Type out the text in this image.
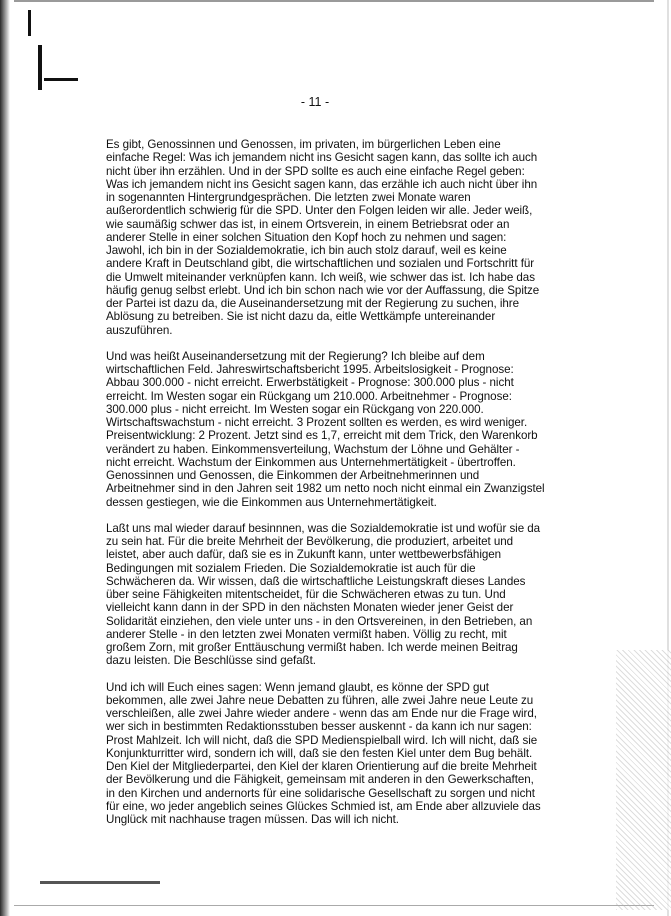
- 11 -
Es gibt, Genossinnen und Genossen, im privaten, im bürgerlichen Leben eine
einfache Regel: Was ich jemandem nicht ins Gesicht sagen kann, das sollte ich auch
nicht über ihn erzählen. Und in der SPD sollte es auch eine einfache Regel geben:
Was ich jemandem nicht ins Gesicht sagen kann, das erzähle ich auch nicht über ihn
in sogenannten Hintergrundgesprächen. Die letzten zwei Monate waren
außerordentlich schwierig für die SPD. Unter den Folgen leiden wir alle. Jeder weiß,
wie saumäßig schwer das ist, in einem Ortsverein, in einem Betriebsrat oder an
anderer Stelle in einer solchen Situation den Kopf hoch zu nehmen und sagen:
Jawohl, ich bin in der Sozialdemokratie, ich bin auch stolz darauf, weil es keine
andere Kraft in Deutschland gibt, die wirtschaftlichen und sozialen und Fortschritt für
die Umwelt miteinander verknüpfen kann. Ich weiß, wie schwer das ist. Ich habe das
häufig genug selbst erlebt. Und ich bin schon nach wie vor der Auffassung, die Spitze
der Partei ist dazu da, die Auseinandersetzung mit der Regierung zu suchen, ihre
Ablösung zu betreiben. Sie ist nicht dazu da, eitle Wettkämpfe untereinander
auszuführen.
Und was heißt Auseinandersetzung mit der Regierung? Ich bleibe auf dem
wirtschaftlichen Feld. Jahreswirtschaftsbericht 1995. Arbeitslosigkeit - Prognose:
Abbau 300.000 - nicht erreicht. Erwerbstätigkeit - Prognose: 300.000 plus - nicht
erreicht. Im Westen sogar ein Rückgang um 210.000. Arbeitnehmer - Prognose:
300.000 plus - nicht erreicht. Im Westen sogar ein Rückgang von 220.000.
Wirtschaftswachstum - nicht erreicht. 3 Prozent sollten es werden, es wird weniger.
Preisentwicklung: 2 Prozent. Jetzt sind es 1,7, erreicht mit dem Trick, den Warenkorb
verändert zu haben. Einkommensverteilung, Wachstum der Löhne und Gehälter -
nicht erreicht. Wachstum der Einkommen aus Unternehmertätigkeit - übertroffen.
Genossinnen und Genossen, die Einkommen der Arbeitnehmerinnen und
Arbeitnehmer sind in den Jahren seit 1982 um netto noch nicht einmal ein Zwanzigstel
dessen gestiegen, wie die Einkommen aus Unternehmertätigkeit.
Laßt uns mal wieder darauf besinnnen, was die Sozialdemokratie ist und wofür sie da
zu sein hat. Für die breite Mehrheit der Bevölkerung, die produziert, arbeitet und
leistet, aber auch dafür, daß sie es in Zukunft kann, unter wettbewerbsfähigen
Bedingungen mit sozialem Frieden. Die Sozialdemokratie ist auch für die
Schwächeren da. Wir wissen, daß die wirtschaftliche Leistungskraft dieses Landes
über seine Fähigkeiten mitentscheidet, für die Schwächeren etwas zu tun. Und
vielleicht kann dann in der SPD in den nächsten Monaten wieder jener Geist der
Solidarität einziehen, den viele unter uns - in den Ortsvereinen, in den Betrieben, an
anderer Stelle - in den letzten zwei Monaten vermißt haben. Völlig zu recht, mit
großem Zorn, mit großer Enttäuschung vermißt haben. Ich werde meinen Beitrag
dazu leisten. Die Beschlüsse sind gefaßt.
Und ich will Euch eines sagen: Wenn jemand glaubt, es könne der SPD gut
bekommen, alle zwei Jahre neue Debatten zu führen, alle zwei Jahre neue Leute zu
verschleißen, alle zwei Jahre wieder andere - wenn das am Ende nur die Frage wird,
wer sich in bestimmten Redaktionsstuben besser auskennt - da kann ich nur sagen:
Prost Mahlzeit. Ich will nicht, daß die SPD Medienspielball wird. Ich will nicht, daß sie
Konjunkturritter wird, sondern ich will, daß sie den festen Kiel unter dem Bug behält.
Den Kiel der Mitgliederpartei, den Kiel der klaren Orientierung auf die breite Mehrheit
der Bevölkerung und die Fähigkeit, gemeinsam mit anderen in den Gewerkschaften,
in den Kirchen und andernorts für eine solidarische Gesellschaft zu sorgen und nicht
für eine, wo jeder angeblich seines Glückes Schmied ist, am Ende aber allzuviele das
Unglück mit nachhause tragen müssen. Das will ich nicht.
